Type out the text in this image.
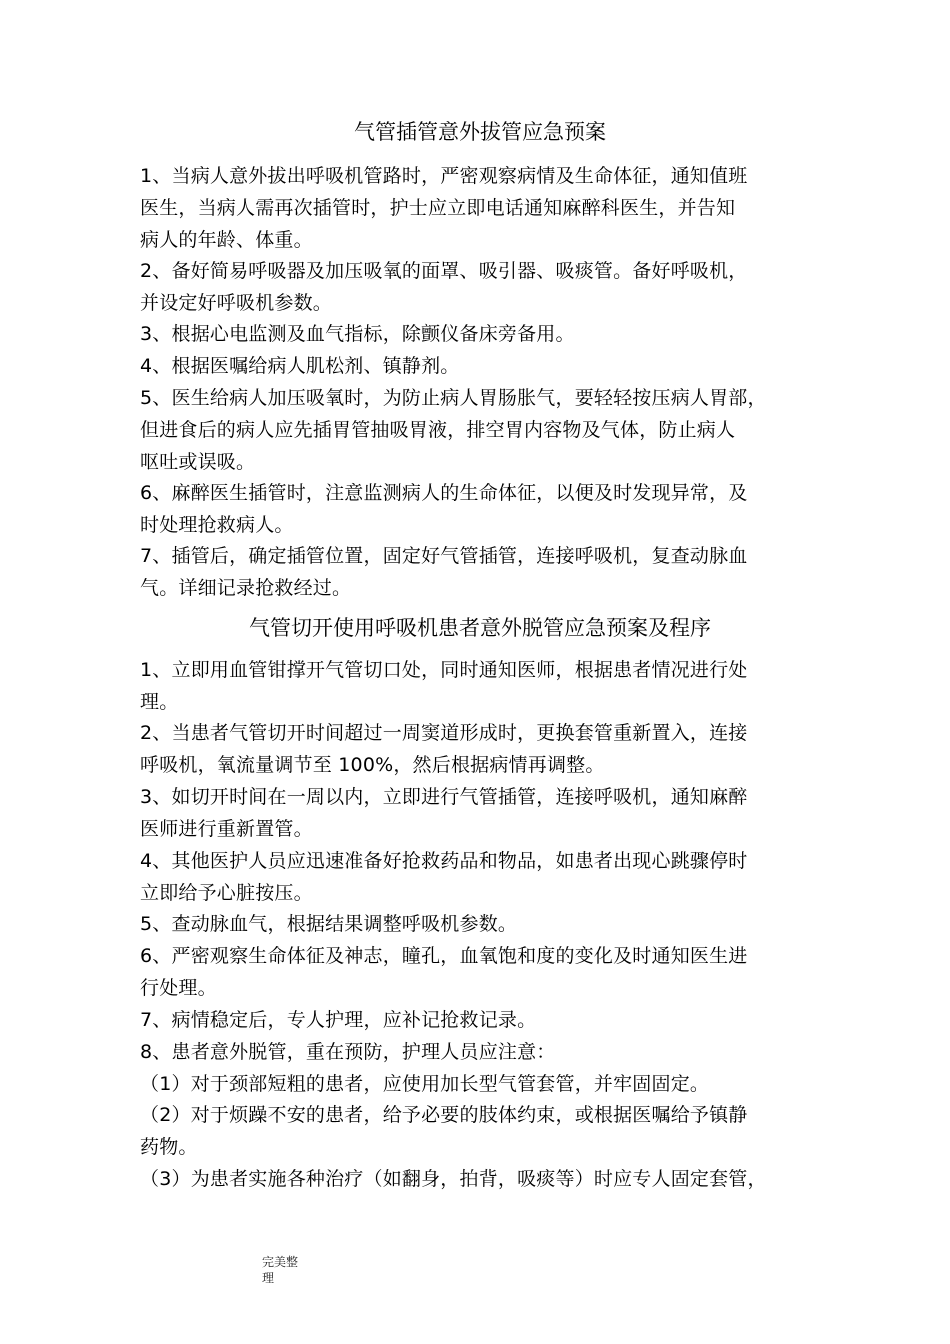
气管插管意外拔管应急预案
1、当病人意外拔出呼吸机管路时，严密观察病情及生命体征，通知值班
医生，当病人需再次插管时，护士应立即电话通知麻醉科医生，并告知
病人的年龄、体重。
2、备好简易呼吸器及加压吸氧的面罩、吸引器、吸痰管。备好呼吸机，
并设定好呼吸机参数。
3、根据心电监测及血气指标，除颤仪备床旁备用。
4、根据医嘱给病人肌松剂、镇静剂。
5、医生给病人加压吸氧时，为防止病人胃肠胀气，要轻轻按压病人胃部，
但进食后的病人应先插胃管抽吸胃液，排空胃内容物及气体，防止病人
呕吐或误吸。
6、麻醉医生插管时，注意监测病人的生命体征，以便及时发现异常，及
时处理抢救病人。
7、插管后，确定插管位置，固定好气管插管，连接呼吸机，复查动脉血
气。详细记录抢救经过。
气管切开使用呼吸机患者意外脱管应急预案及程序
1、立即用血管钳撑开气管切口处，同时通知医师，根据患者情况进行处
理。
2、当患者气管切开时间超过一周窦道形成时，更换套管重新置入，连接
呼吸机，氧流量调节至 100%，然后根据病情再调整。
3、如切开时间在一周以内，立即进行气管插管，连接呼吸机，通知麻醉
医师进行重新置管。
4、其他医护人员应迅速准备好抢救药品和物品，如患者出现心跳骤停时
立即给予心脏按压。
5、查动脉血气，根据结果调整呼吸机参数。
6、严密观察生命体征及神志，瞳孔，血氧饱和度的变化及时通知医生进
行处理。
7、病情稳定后，专人护理，应补记抢救记录。
8、患者意外脱管，重在预防，护理人员应注意：
（1）对于颈部短粗的患者，应使用加长型气管套管，并牢固固定。
（2）对于烦躁不安的患者，给予必要的肢体约束，或根据医嘱给予镇静
药物。
（3）为患者实施各种治疗（如翻身，拍背，吸痰等）时应专人固定套管，
完美整
理
